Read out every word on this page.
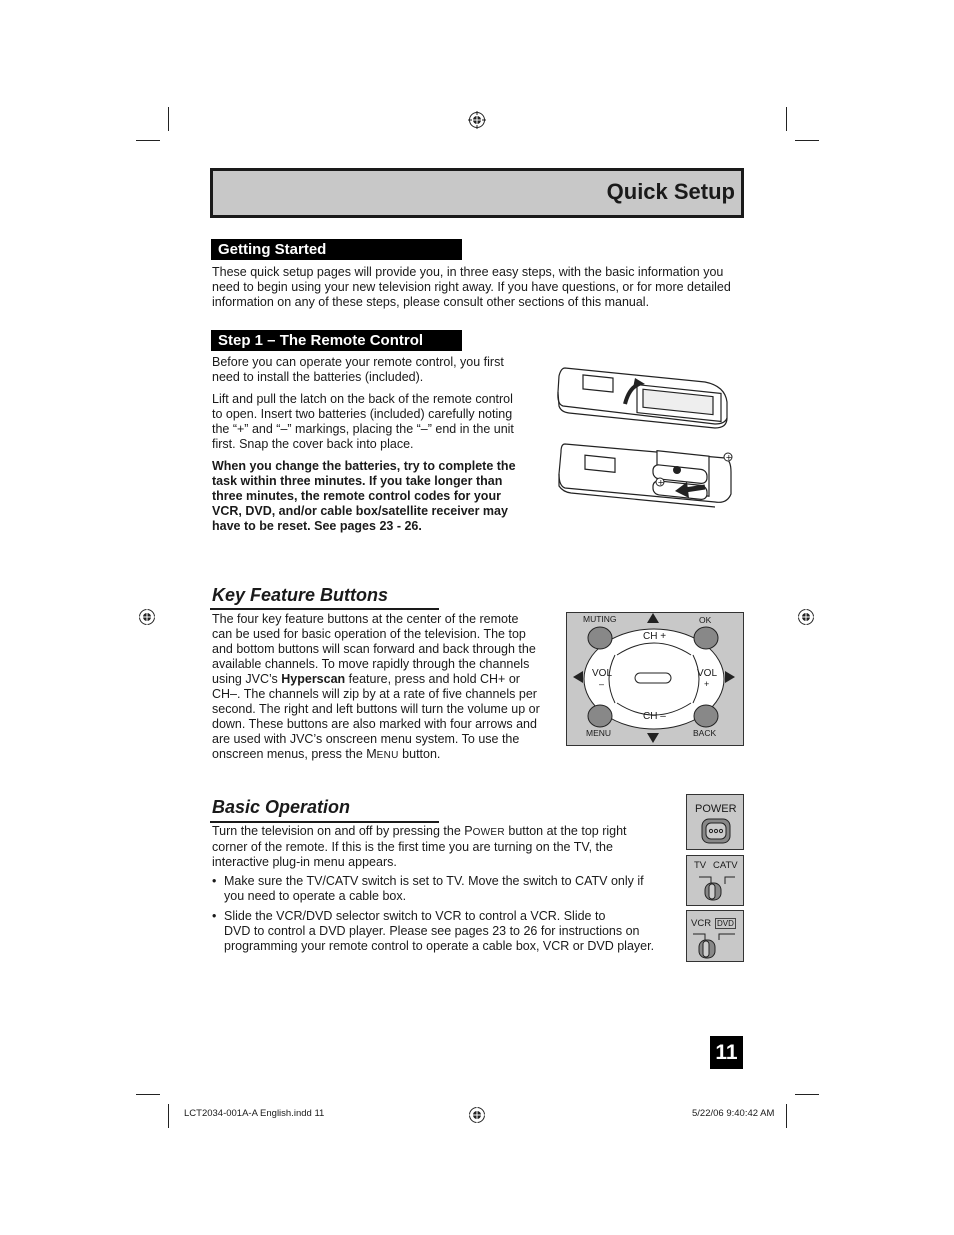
Quick Setup
Getting Started

These quick setup pages will provide you, in three easy steps, with the basic information you
need to begin using your new television right away. If you have questions, or for more detailed
information on any of these steps, please consult other sections of this manual.

Step 1 – The Remote Control

Before you can operate your remote control, you first
need to install the batteries (included).

Lift and pull the latch on the back of the remote control
to open. Insert two batteries (included) carefully noting
the “+” and “–” markings, placing the “–” end in the unit
first. Snap the cover back into place.

When you change the batteries, try to complete the
task within three minutes. If you take longer than
three minutes, the remote control codes for your
VCR, DVD, and/or cable box/satellite receiver may
have to be reset. See pages 23 - 26.

+
+
Key Feature Buttons

The four key feature buttons at the center of the remote
can be used for basic operation of the television. The top
and bottom buttons will scan forward and back through the
available channels. To move rapidly through the channels
using JVC’s Hyperscan feature, press and hold CH+ or
CH–. The channels will zip by at a rate of five channels per
second. The right and left buttons will turn the volume up or
down. These buttons are also marked with four arrows and
are used with JVC’s onscreen menu system. To use the
onscreen menus, press the MENU button.

MUTING	OK
MENU	BACK
CH +
CH –
VOL
–
VOL
+
Basic Operation

Turn the television on and off by pressing the POWER button at the top right
corner of the remote. If this is the first time you are turning on the TV, the
interactive plug-in menu appears.

• Make sure the TV/CATV switch is set to TV. Move the switch to CATV only if
you need to operate a cable box.
• Slide the VCR/DVD selector switch to VCR to control a VCR. Slide to
DVD to control a DVD player. Please see pages 23 to 26 for instructions on
programming your remote control to operate a cable box, VCR or DVD player.
POWER
TV CATV
VCR DVD
11
LCT2034-001A-A English.indd 11	5/22/06 9:40:42 AM
